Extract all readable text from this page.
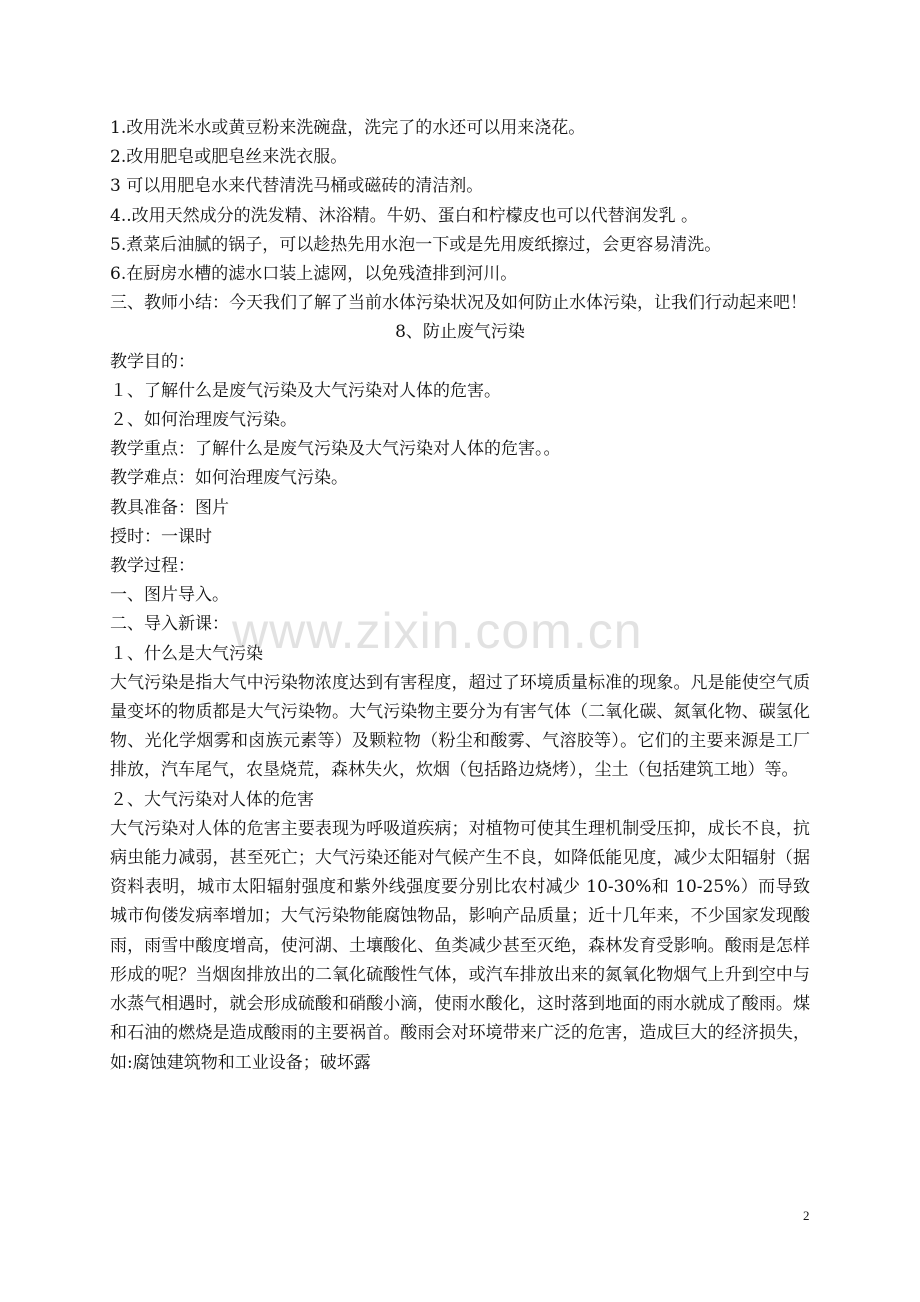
1.改用洗米水或黄豆粉来洗碗盘，洗完了的水还可以用来浇花。
2.改用肥皂或肥皂丝来洗衣服。
3 可以用肥皂水来代替清洗马桶或磁砖的清洁剂。
4..改用天然成分的洗发精、沐浴精。牛奶、蛋白和柠檬皮也可以代替润发乳 。
5.煮菜后油腻的锅子，可以趁热先用水泡一下或是先用废纸擦过，会更容易清洗。
6.在厨房水槽的滤水口装上滤网，以免残渣排到河川。
三、教师小结：今天我们了解了当前水体污染状况及如何防止水体污染，让我们行动起来吧！
8、防止废气污染
教学目的：
１、了解什么是废气污染及大气污染对人体的危害。
２、如何治理废气污染。
教学重点：了解什么是废气污染及大气污染对人体的危害。。
教学难点：如何治理废气污染。
教具准备：图片
授时：一课时
教学过程：
一、图片导入。
二、导入新课：
１、什么是大气污染
大气污染是指大气中污染物浓度达到有害程度，超过了环境质量标准的现象。凡是能使空气质量变坏的物质都是大气污染物。大气污染物主要分为有害气体（二氧化碳、氮氧化物、碳氢化物、光化学烟雾和卤族元素等）及颗粒物（粉尘和酸雾、气溶胶等）。它们的主要来源是工厂排放，汽车尾气，农垦烧荒，森林失火，炊烟（包括路边烧烤），尘土（包括建筑工地）等。
２、大气污染对人体的危害
大气污染对人体的危害主要表现为呼吸道疾病；对植物可使其生理机制受压抑，成长不良，抗病虫能力减弱，甚至死亡；大气污染还能对气候产生不良，如降低能见度，减少太阳辐射（据资料表明，城市太阳辐射强度和紫外线强度要分别比农村减少 10-30%和 10-25%）而导致城市佝偻发病率增加；大气污染物能腐蚀物品，影响产品质量；近十几年来，不少国家发现酸雨，雨雪中酸度增高，使河湖、土壤酸化、鱼类减少甚至灭绝，森林发育受影响。酸雨是怎样形成的呢？当烟囱排放出的二氧化硫酸性气体，或汽车排放出来的氮氧化物烟气上升到空中与水蒸气相遇时，就会形成硫酸和硝酸小滴，使雨水酸化，这时落到地面的雨水就成了酸雨。煤和石油的燃烧是造成酸雨的主要祸首。酸雨会对环境带来广泛的危害，造成巨大的经济损失，如:腐蚀建筑物和工业设备；破坏露
www.zixin.com.cn
2
